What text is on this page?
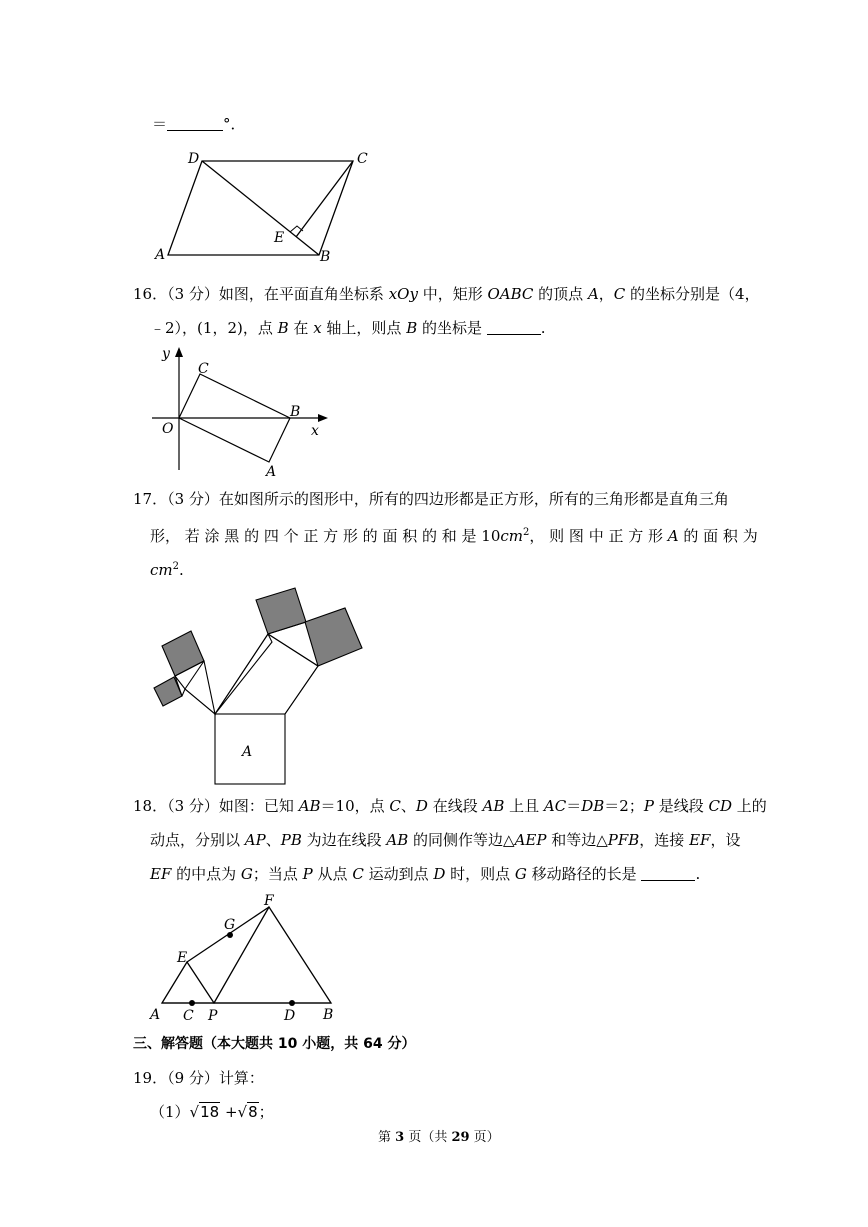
＝	°．
D	C
A	B
E
16．（3 分）如图，在平面直角坐标系 xOy 中，矩形 OABC 的顶点 A，C 的坐标分别是（4，
﹣2），(1，2)，点 B 在 x 轴上，则点 B 的坐标是	.
y
x
O
C
B
A
17．（3 分）在如图所示的图形中，所有的四边形都是正方形，所有的三角形都是直角三角
形， 若 涂 黑 的 四 个 正 方 形 的 面 积 的 和 是 $10cm^2$， 则 图 中 正 方 形 A 的 面 积 为
$cm^2$.
A
18．（3 分）如图：已知 AB＝10，点 C、D 在线段 AB 上且 AC＝DB＝2；P 是线段 CD 上的
动点，分别以 AP、PB 为边在线段 AB 的同侧作等边△AEP 和等边△PFB，连接 EF，设
EF 的中点为 G；当点 P 从点 C 运动到点 D 时，则点 G 移动路径的长是	.
F
G
E
A C P	D B
三、解答题（本大题共 10 小题，共 64 分）
19．（9 分）计算：
（1）√18 +√8；
第 3 页（共 29 页）
